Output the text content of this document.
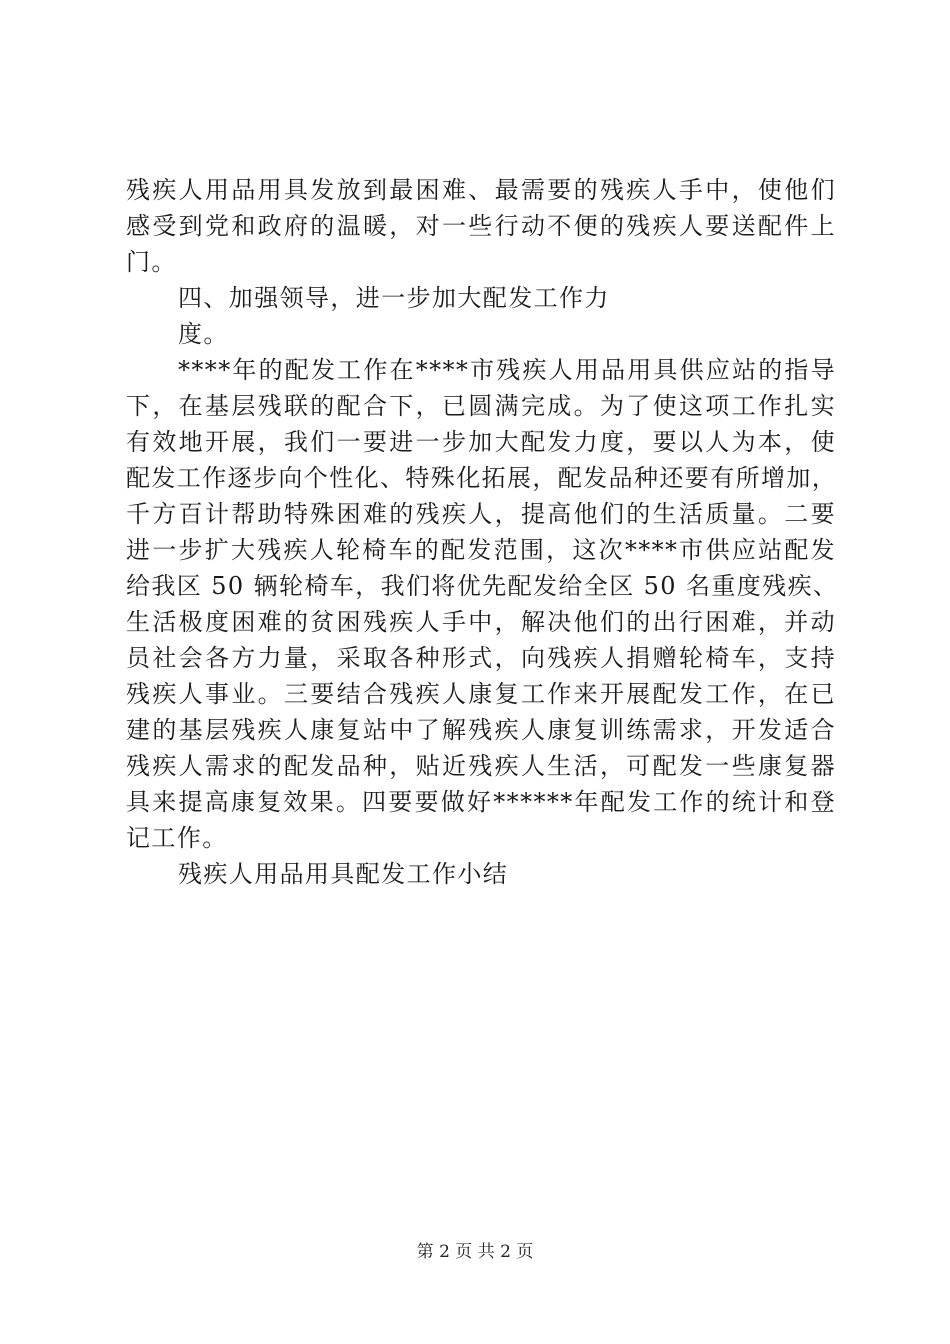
残疾人用品用具发放到最困难、最需要的残疾人手中，使他们
感受到党和政府的温暖，对一些行动不便的残疾人要送配件上
门。
四、加强领导，进一步加大配发工作力
度。
****年的配发工作在****市残疾人用品用具供应站的指导
下，在基层残联的配合下，已圆满完成。为了使这项工作扎实
有效地开展，我们一要进一步加大配发力度，要以人为本，使
配发工作逐步向个性化、特殊化拓展，配发品种还要有所增加，
千方百计帮助特殊困难的残疾人，提高他们的生活质量。二要
进一步扩大残疾人轮椅车的配发范围，这次****市供应站配发
给我区 50 辆轮椅车，我们将优先配发给全区 50 名重度残疾、
生活极度困难的贫困残疾人手中，解决他们的出行困难，并动
员社会各方力量，采取各种形式，向残疾人捐赠轮椅车，支持
残疾人事业。三要结合残疾人康复工作来开展配发工作，在已
建的基层残疾人康复站中了解残疾人康复训练需求，开发适合
残疾人需求的配发品种，贴近残疾人生活，可配发一些康复器
具来提高康复效果。四要要做好******年配发工作的统计和登
记工作。
残疾人用品用具配发工作小结
第 2 页 共 2 页
